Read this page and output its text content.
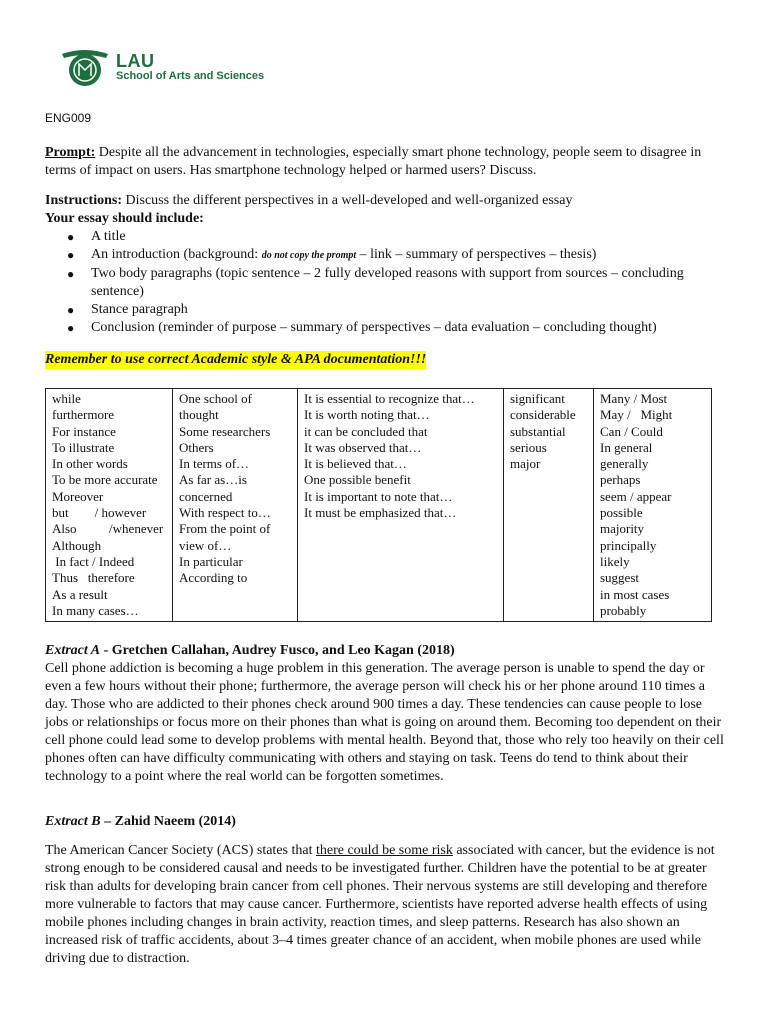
LAU
School of Arts and Sciences
ENG009
Prompt: Despite all the advancement in technologies, especially smart phone technology, people seem to disagree in terms of impact on users. Has smartphone technology helped or harmed users? Discuss.
Instructions: Discuss the different perspectives in a well-developed and well-organized essay
Your essay should include:
● A title
● An introduction (background: do not copy the prompt – link – summary of perspectives – thesis)
● Two body paragraphs (topic sentence – 2 fully developed reasons with support from sources – concluding sentence)
● Stance paragraph
● Conclusion (reminder of purpose – summary of perspectives – data evaluation – concluding thought)
Remember to use correct Academic style & APA documentation!!!
while
furthermore
For instance
To illustrate
In other words
To be more accurate
Moreover
but        / however
Also          /whenever
Although
In fact / Indeed
Thus   therefore
As a result
In many cases…

One school of
thought
Some researchers
Others
In terms of…
As far as…is
concerned
With respect to…
From the point of
view of…
In particular
According to

It is essential to recognize that…
It is worth noting that…
it can be concluded that
It was observed that…
It is believed that…
One possible benefit
It is important to note that…
It must be emphasized that…

significant
considerable
substantial
serious
major

Many / Most
May /   Might
Can / Could
In general
generally
perhaps
seem / appear
possible
majority
principally
likely
suggest
in most cases
probably
Extract A - Gretchen Callahan, Audrey Fusco, and Leo Kagan (2018)
Cell phone addiction is becoming a huge problem in this generation. The average person is unable to spend the day or even a few hours without their phone; furthermore, the average person will check his or her phone around 110 times a day. Those who are addicted to their phones check around 900 times a day. These tendencies can cause people to lose jobs or relationships or focus more on their phones than what is going on around them. Becoming too dependent on their cell phone could lead some to develop problems with mental health. Beyond that, those who rely too heavily on their cell phones often can have difficulty communicating with others and staying on task. Teens do tend to think about their technology to a point where the real world can be forgotten sometimes.
Extract B – Zahid Naeem (2014)
The American Cancer Society (ACS) states that there could be some risk associated with cancer, but the evidence is not strong enough to be considered causal and needs to be investigated further. Children have the potential to be at greater risk than adults for developing brain cancer from cell phones. Their nervous systems are still developing and therefore more vulnerable to factors that may cause cancer. Furthermore, scientists have reported adverse health effects of using mobile phones including changes in brain activity, reaction times, and sleep patterns. Research has also shown an increased risk of traffic accidents, about 3–4 times greater chance of an accident, when mobile phones are used while driving due to distraction.
